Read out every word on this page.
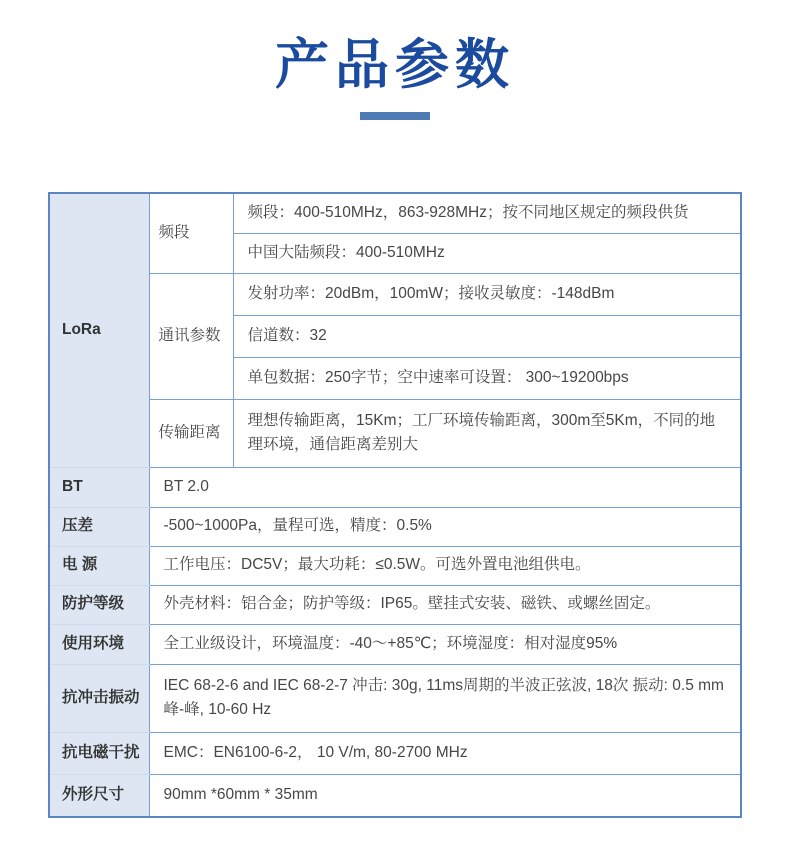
产品参数
LoRa	频段	频段：400-510MHz，863-928MHz；按不同地区规定的频段供货
		中国大陆频段：400-510MHz
	通讯参数	发射功率：20dBm，100mW；接收灵敏度：-148dBm
		信道数：32
		单包数据：250字节；空中速率可设置： 300~19200bps
	传输距离	理想传输距离，15Km；工厂环境传输距离，300m至5Km，不同的地理环境，通信距离差别大
BT	BT 2.0	
压差	-500~1000Pa，量程可选，精度：0.5%	
电 源	工作电压：DC5V；最大功耗：≤0.5W。可选外置电池组供电。	
防护等级	外壳材料：铝合金；防护等级：IP65。壁挂式安装、磁铁、或螺丝固定。	
使用环境	全工业级设计，环境温度：-40～+85℃；环境湿度：相对湿度95%	
抗冲击振动	IEC 68-2-6 and IEC 68-2-7 冲击: 30g, 11ms周期的半波正弦波, 18次 振动: 0.5 mm 峰-峰, 10-60 Hz	
抗电磁干扰	EMC：EN6100-6-2， 10 V/m, 80-2700 MHz	
外形尺寸	90mm *60mm * 35mm	
